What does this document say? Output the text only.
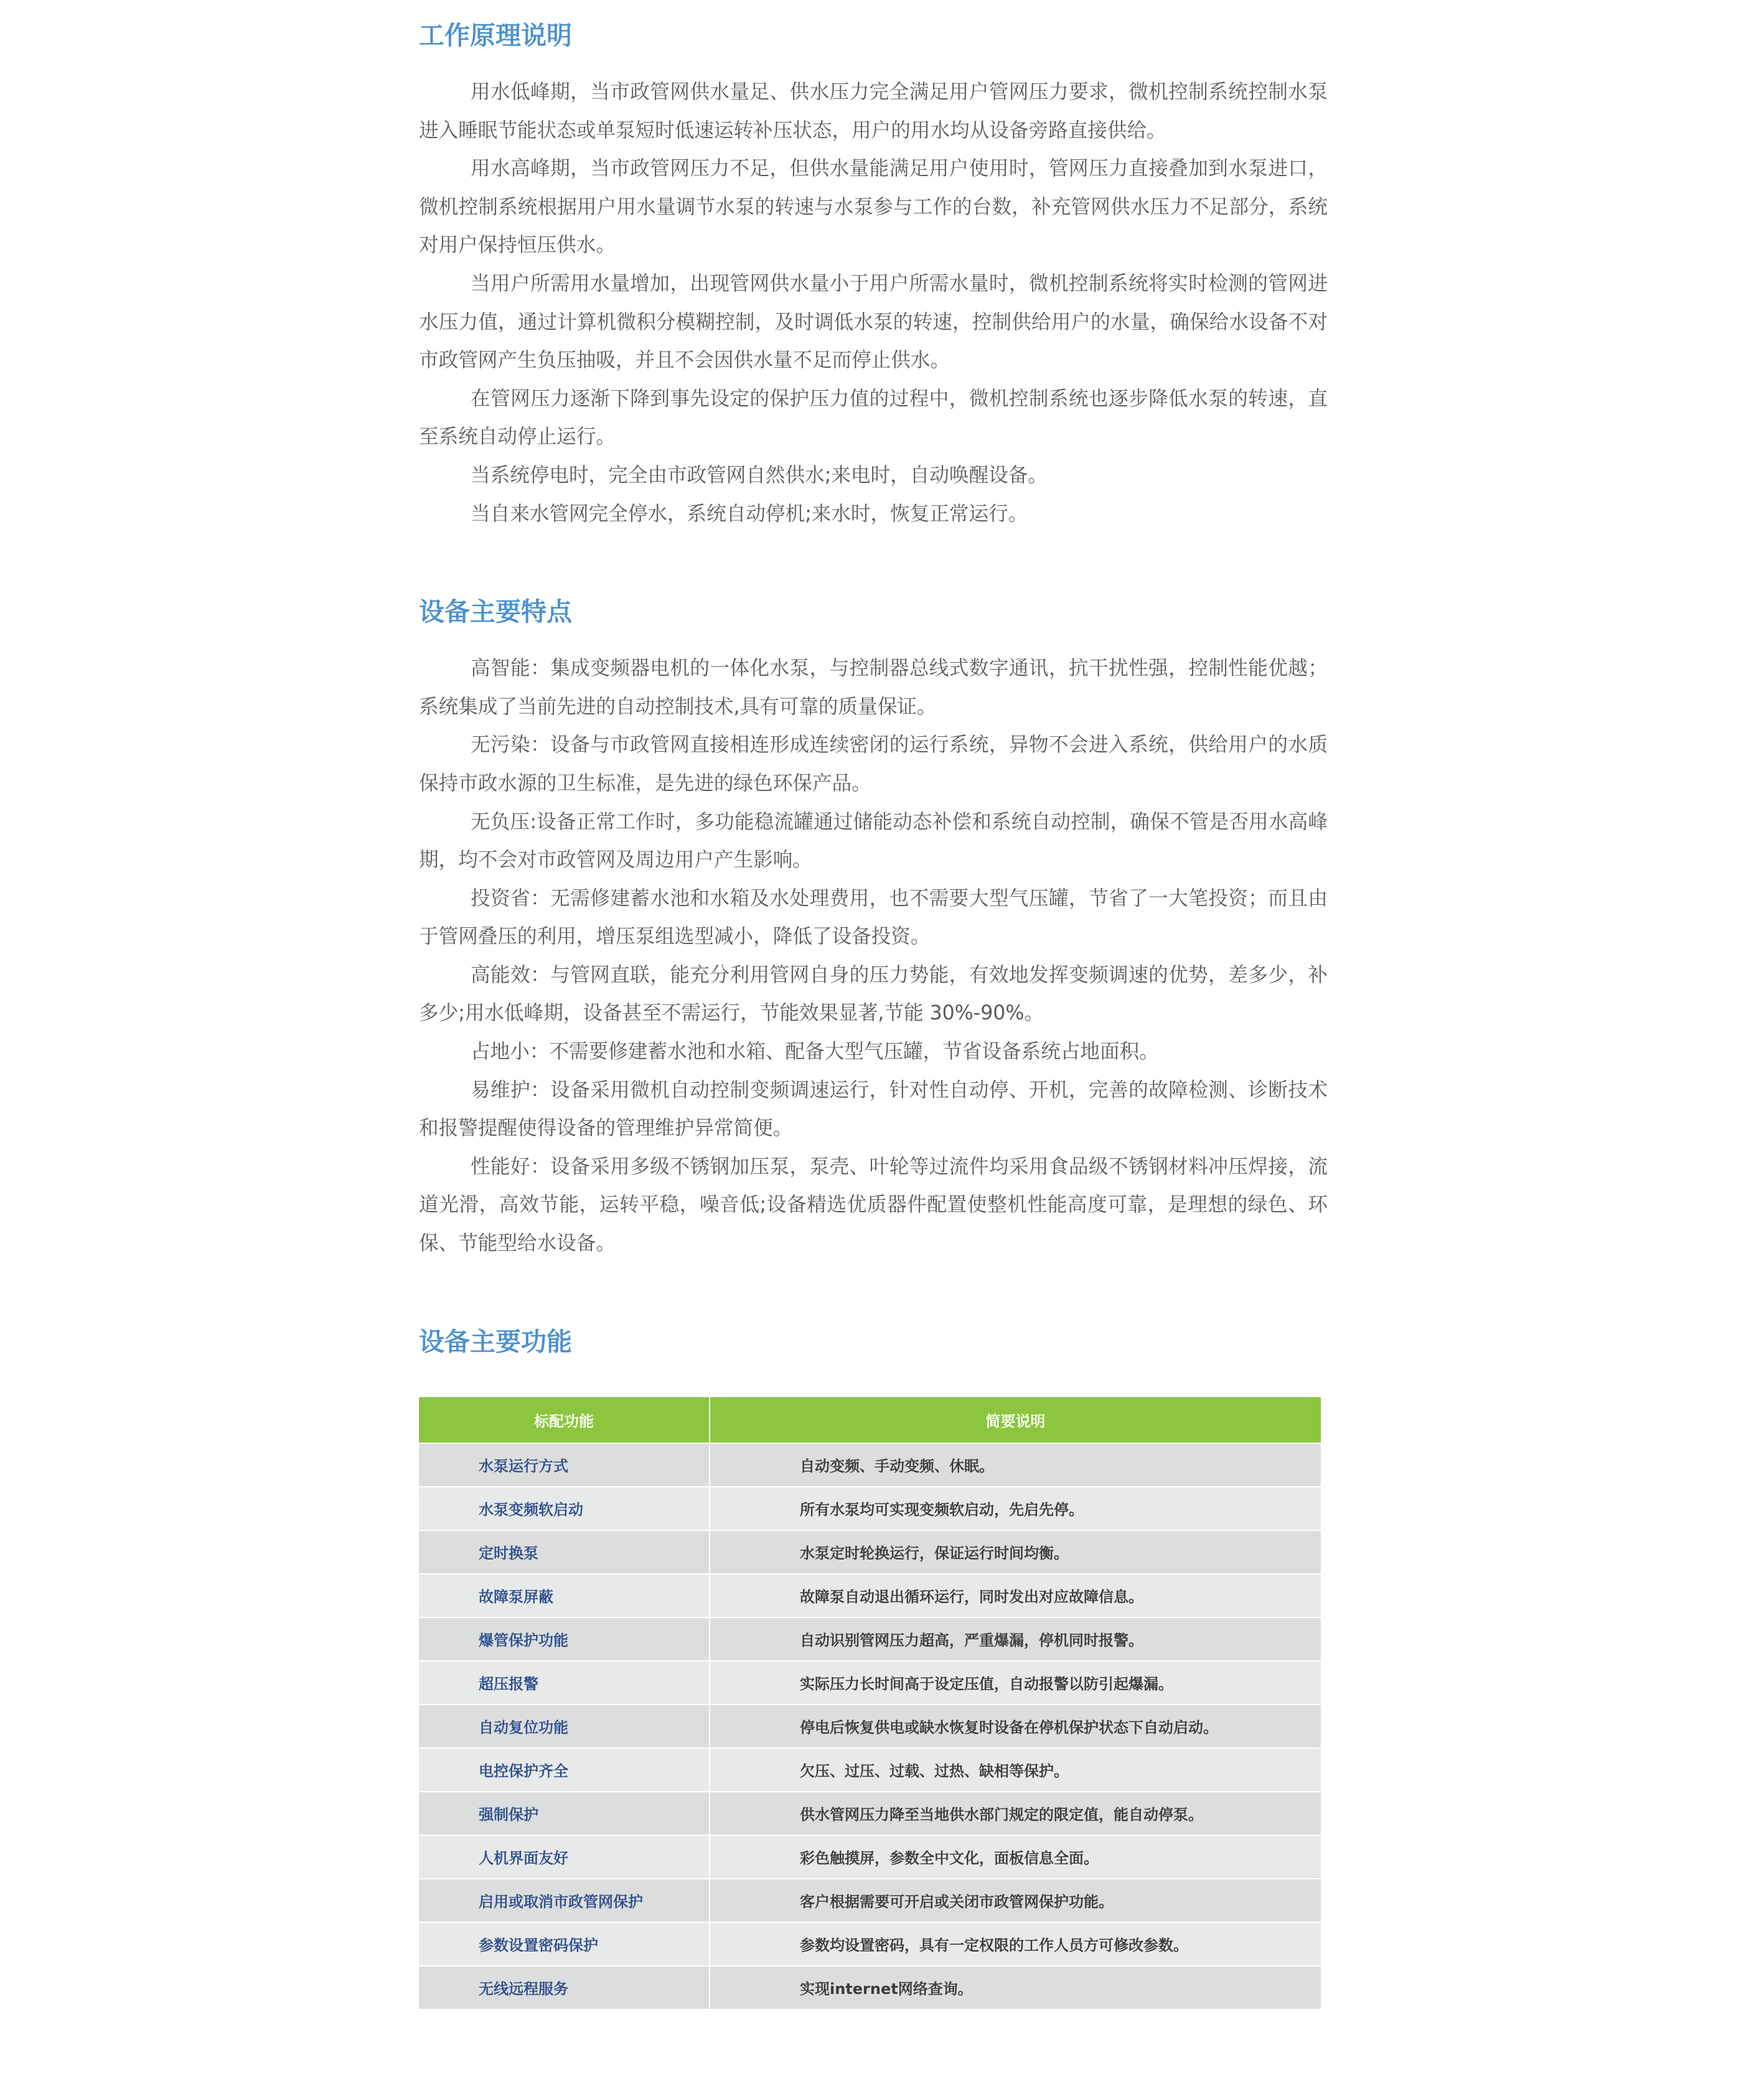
工作原理说明

用水低峰期，当市政管网供水量足、供水压力完全满足用户管网压力要求，微机控制系统控制水泵进入睡眠节能状态或单泵短时低速运转补压状态，用户的用水均从设备旁路直接供给。

用水高峰期，当市政管网压力不足，但供水量能满足用户使用时，管网压力直接叠加到水泵进口，微机控制系统根据用户用水量调节水泵的转速与水泵参与工作的台数，补充管网供水压力不足部分，系统对用户保持恒压供水。

当用户所需用水量增加，出现管网供水量小于用户所需水量时，微机控制系统将实时检测的管网进水压力值，通过计算机微积分模糊控制，及时调低水泵的转速，控制供给用户的水量，确保给水设备不对市政管网产生负压抽吸，并且不会因供水量不足而停止供水。

在管网压力逐渐下降到事先设定的保护压力值的过程中，微机控制系统也逐步降低水泵的转速，直至系统自动停止运行。

当系统停电时，完全由市政管网自然供水;来电时，自动唤醒设备。

当自来水管网完全停水，系统自动停机;来水时，恢复正常运行。

设备主要特点

高智能：集成变频器电机的一体化水泵，与控制器总线式数字通讯，抗干扰性强，控制性能优越；系统集成了当前先进的自动控制技术,具有可靠的质量保证。

无污染：设备与市政管网直接相连形成连续密闭的运行系统，异物不会进入系统，供给用户的水质保持市政水源的卫生标准，是先进的绿色环保产品。

无负压:设备正常工作时，多功能稳流罐通过储能动态补偿和系统自动控制，确保不管是否用水高峰期，均不会对市政管网及周边用户产生影响。

投资省：无需修建蓄水池和水箱及水处理费用，也不需要大型气压罐，节省了一大笔投资；而且由于管网叠压的利用，增压泵组选型减小，降低了设备投资。

高能效：与管网直联，能充分利用管网自身的压力势能，有效地发挥变频调速的优势，差多少，补多少;用水低峰期，设备甚至不需运行，节能效果显著,节能 30%-90%。

占地小：不需要修建蓄水池和水箱、配备大型气压罐，节省设备系统占地面积。

易维护：设备采用微机自动控制变频调速运行，针对性自动停、开机，完善的故障检测、诊断技术和报警提醒使得设备的管理维护异常简便。

性能好：设备采用多级不锈钢加压泵，泵壳、叶轮等过流件均采用食品级不锈钢材料冲压焊接，流道光滑，高效节能，运转平稳，噪音低;设备精选优质器件配置使整机性能高度可靠，是理想的绿色、环保、节能型给水设备。

设备主要功能
标配功能	简要说明
水泵运行方式	自动变频、手动变频、休眠。
水泵变频软启动	所有水泵均可实现变频软启动，先启先停。
定时换泵	水泵定时轮换运行，保证运行时间均衡。
故障泵屏蔽	故障泵自动退出循环运行，同时发出对应故障信息。
爆管保护功能	自动识别管网压力超高，严重爆漏，停机同时报警。
超压报警	实际压力长时间高于设定压值，自动报警以防引起爆漏。
自动复位功能	停电后恢复供电或缺水恢复时设备在停机保护状态下自动启动。
电控保护齐全	欠压、过压、过载、过热、缺相等保护。
强制保护	供水管网压力降至当地供水部门规定的限定值，能自动停泵。
人机界面友好	彩色触摸屏，参数全中文化，面板信息全面。
启用或取消市政管网保护	客户根据需要可开启或关闭市政管网保护功能。
参数设置密码保护	参数均设置密码，具有一定权限的工作人员方可修改参数。
无线远程服务	实现internet网络查询。
